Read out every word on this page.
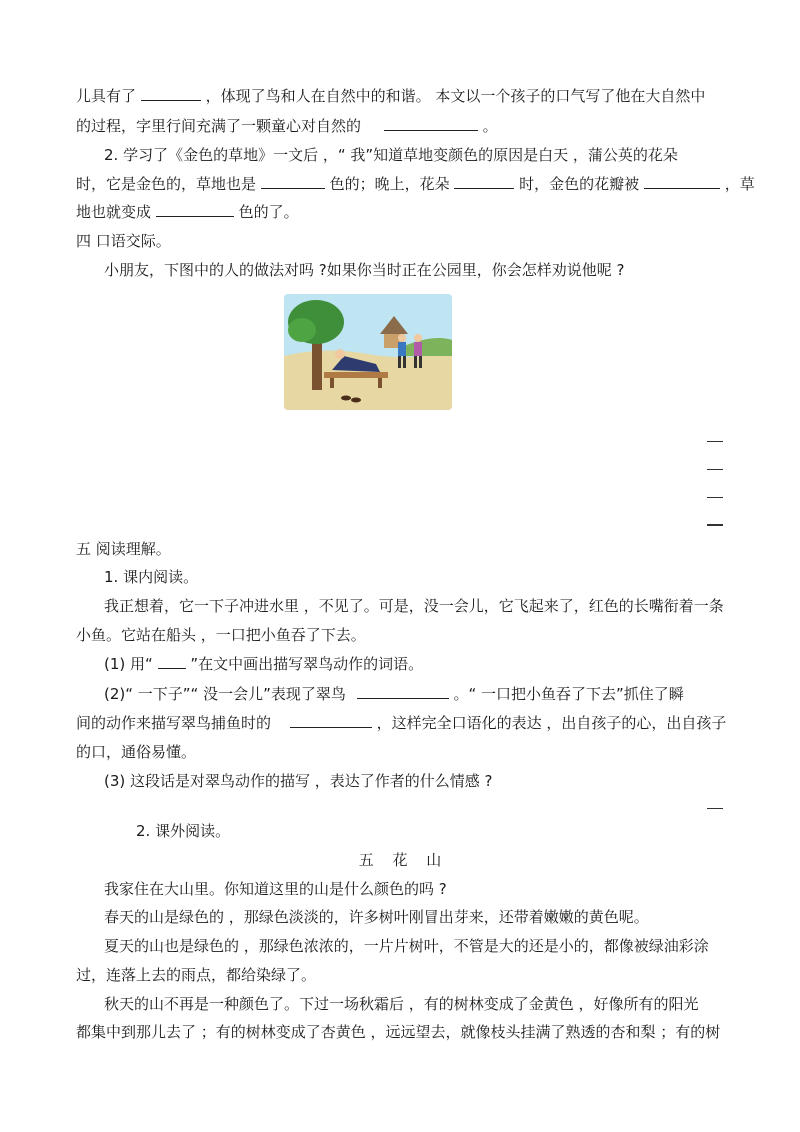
儿具有了	，体现了鸟和人在自然中的和谐。 本文以一个孩子的口气写了他在大自然中
的过程，字里行间充满了一颗童心对自然的	。
2. 学习了《金色的草地》一文后 ，“ 我”知道草地变颜色的原因是白天 ，蒲公英的花朵
时，它是金色的，草地也是	色的；晚上，花朵	时，金色的花瓣被	，草
地也就变成	色的了。
四 口语交际。
小朋友，下图中的人的做法对吗 ?如果你当时正在公园里，你会怎样劝说他呢 ?
五 阅读理解。
1. 课内阅读。
我正想着，它一下子冲进水里 ，不见了。可是，没一会儿，它飞起来了，红色的长嘴衔着一条
小鱼。它站在船头 ，一口把小鱼吞了下去。
(1) 用“	”在文中画出描写翠鸟动作的词语。
(2)“ 一下子”“ 没一会儿”表现了翠鸟	。“ 一口把小鱼吞了下去”抓住了瞬
间的动作来描写翠鸟捕鱼时的	，这样完全口语化的表达 ，出自孩子的心，出自孩子
的口，通俗易懂。
(3) 这段话是对翠鸟动作的描写 ，表达了作者的什么情感 ?
2. 课外阅读。
五 花 山
我家住在大山里。你知道这里的山是什么颜色的吗 ?
春天的山是绿色的 ，那绿色淡淡的，许多树叶刚冒出芽来，还带着嫩嫩的黄色呢。
夏天的山也是绿色的 ，那绿色浓浓的，一片片树叶，不管是大的还是小的，都像被绿油彩涂
过，连落上去的雨点，都给染绿了。
秋天的山不再是一种颜色了。下过一场秋霜后 ，有的树林变成了金黄色 ，好像所有的阳光
都集中到那儿去了 ；有的树林变成了杏黄色 ，远远望去，就像枝头挂满了熟透的杏和梨 ；有的树
